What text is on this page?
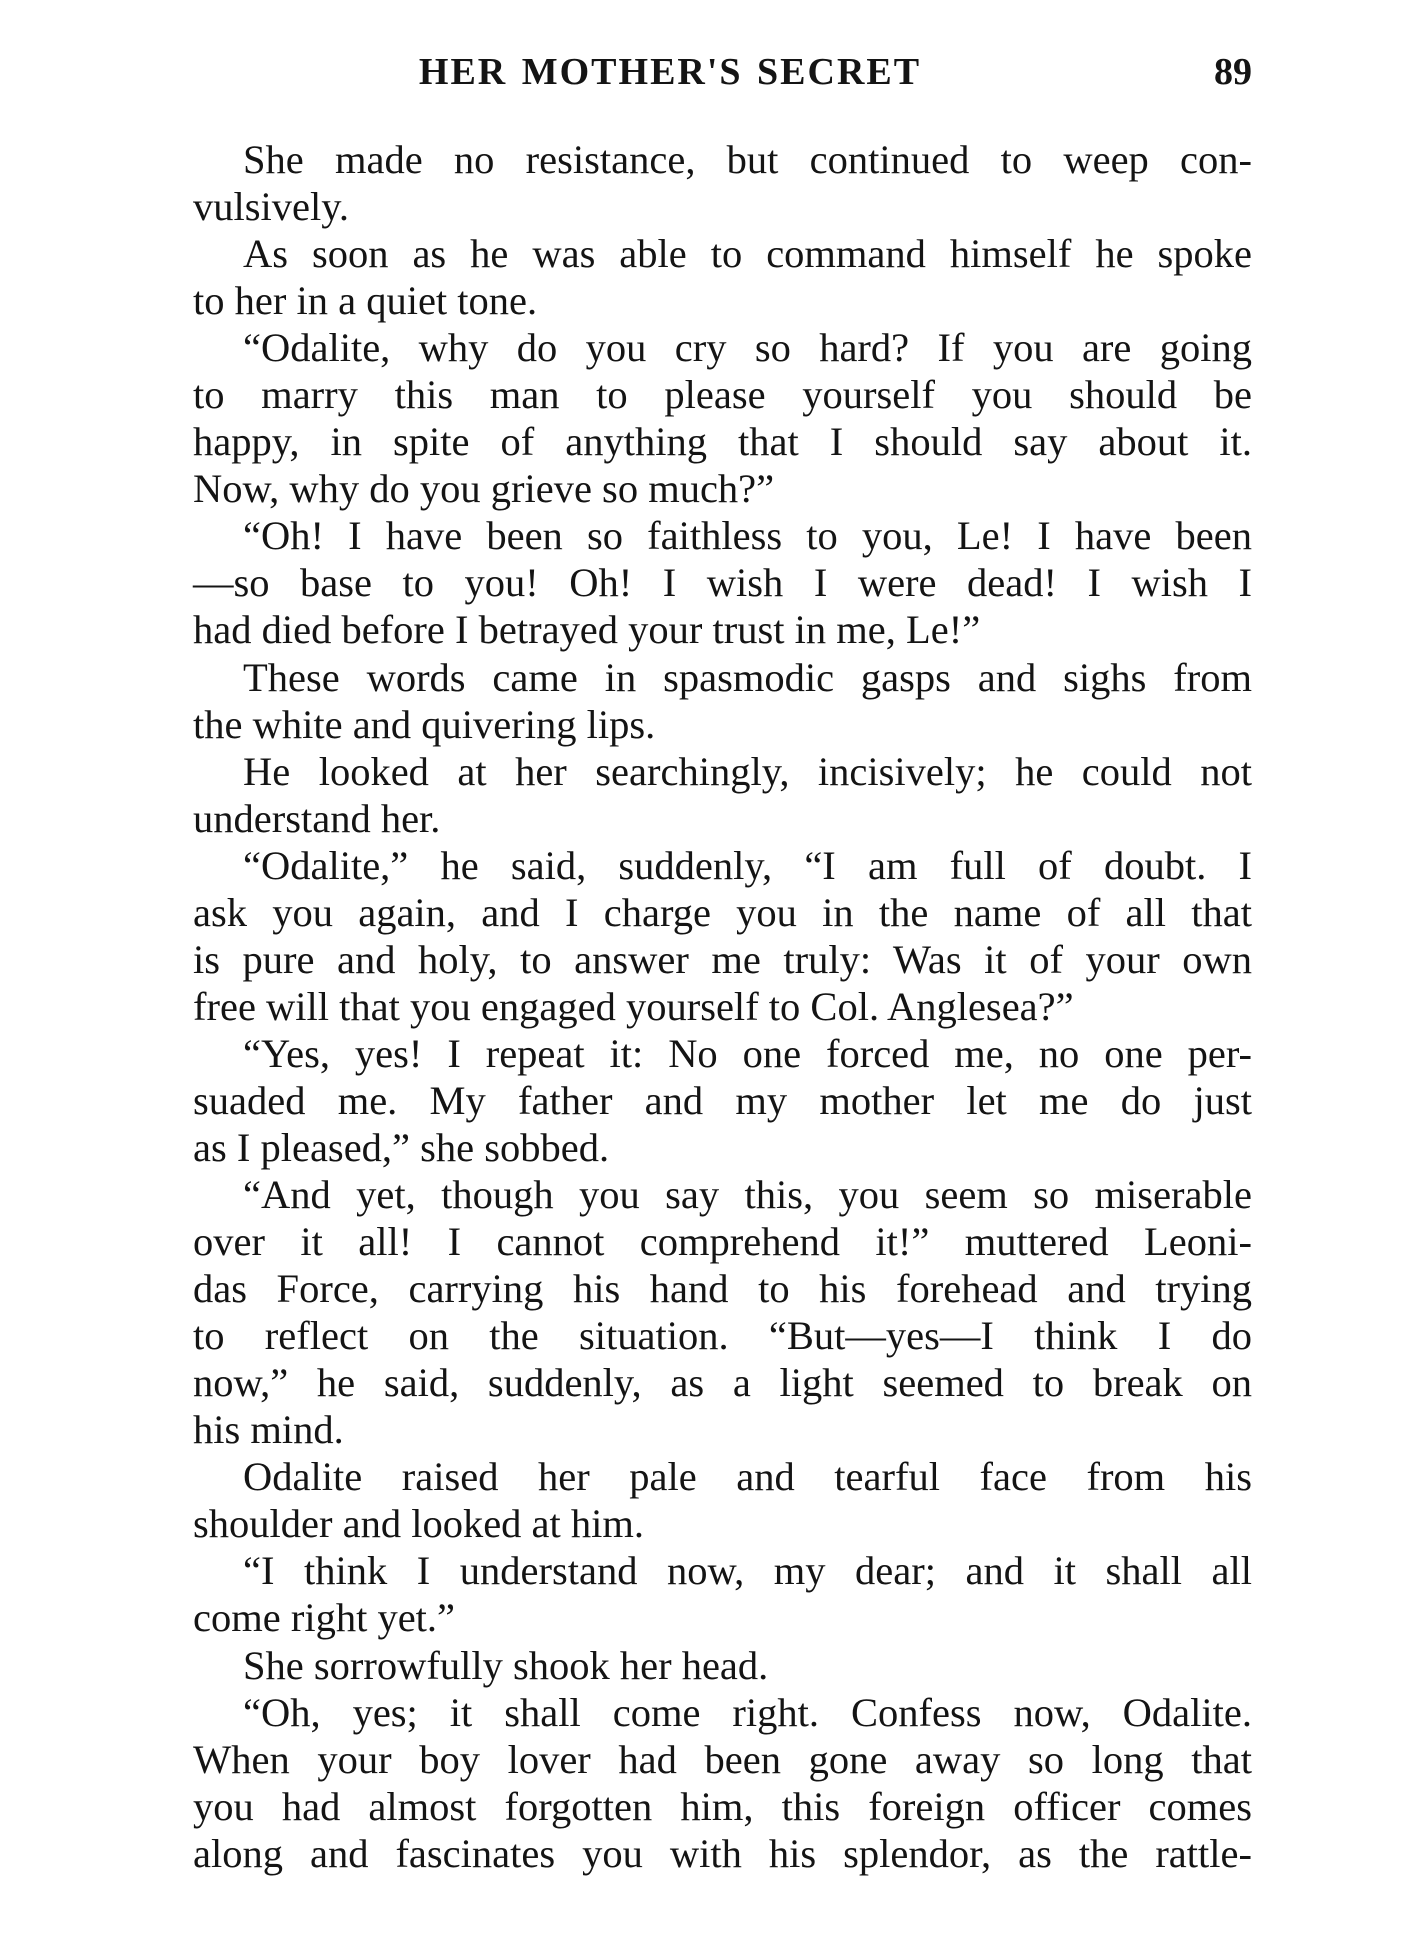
HER MOTHER'S SECRET	89
She made no resistance, but continued to weep con-
vulsively.
As soon as he was able to command himself he spoke
to her in a quiet tone.
“Odalite, why do you cry so hard? If you are going
to marry this man to please yourself you should be
happy, in spite of anything that I should say about it.
Now, why do you grieve so much?”
“Oh! I have been so faithless to you, Le! I have been
—so base to you! Oh! I wish I were dead! I wish I
had died before I betrayed your trust in me, Le!”
These words came in spasmodic gasps and sighs from
the white and quivering lips.
He looked at her searchingly, incisively; he could not
understand her.
“Odalite,” he said, suddenly, “I am full of doubt. I
ask you again, and I charge you in the name of all that
is pure and holy, to answer me truly: Was it of your own
free will that you engaged yourself to Col. Anglesea?”
“Yes, yes! I repeat it: No one forced me, no one per-
suaded me. My father and my mother let me do just
as I pleased,” she sobbed.
“And yet, though you say this, you seem so miserable
over it all! I cannot comprehend it!” muttered Leoni-
das Force, carrying his hand to his forehead and trying
to reflect on the situation. “But—yes—I think I do
now,” he said, suddenly, as a light seemed to break on
his mind.
Odalite raised her pale and tearful face from his
shoulder and looked at him.
“I think I understand now, my dear; and it shall all
come right yet.”
She sorrowfully shook her head.
“Oh, yes; it shall come right. Confess now, Odalite.
When your boy lover had been gone away so long that
you had almost forgotten him, this foreign officer comes
along and fascinates you with his splendor, as the rattle-
